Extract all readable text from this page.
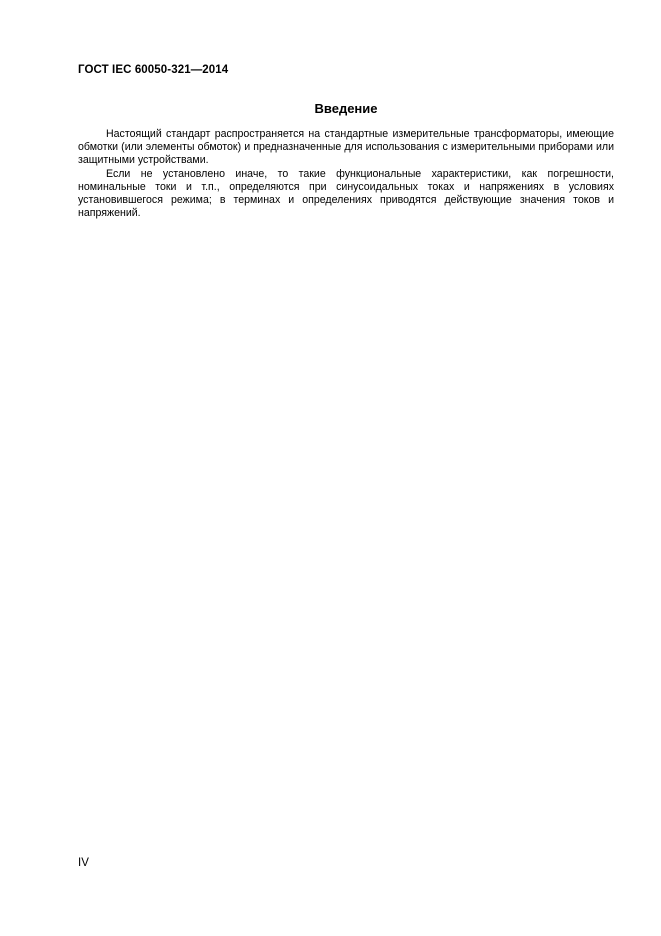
ГОСТ IEC 60050-321—2014
Введение

Настоящий стандарт распространяется на стандартные измерительные трансформаторы, имеющие обмотки (или элементы обмоток) и предназначенные для использования с измерительными приборами или защитными устройствами.

Если не установлено иначе, то такие функциональные характеристики, как погрешности, номинальные токи и т.п., определяются при синусоидальных токах и напряжениях в условиях установившегося режима; в терминах и определениях приводятся действующие значения токов и напряжений.

IV
